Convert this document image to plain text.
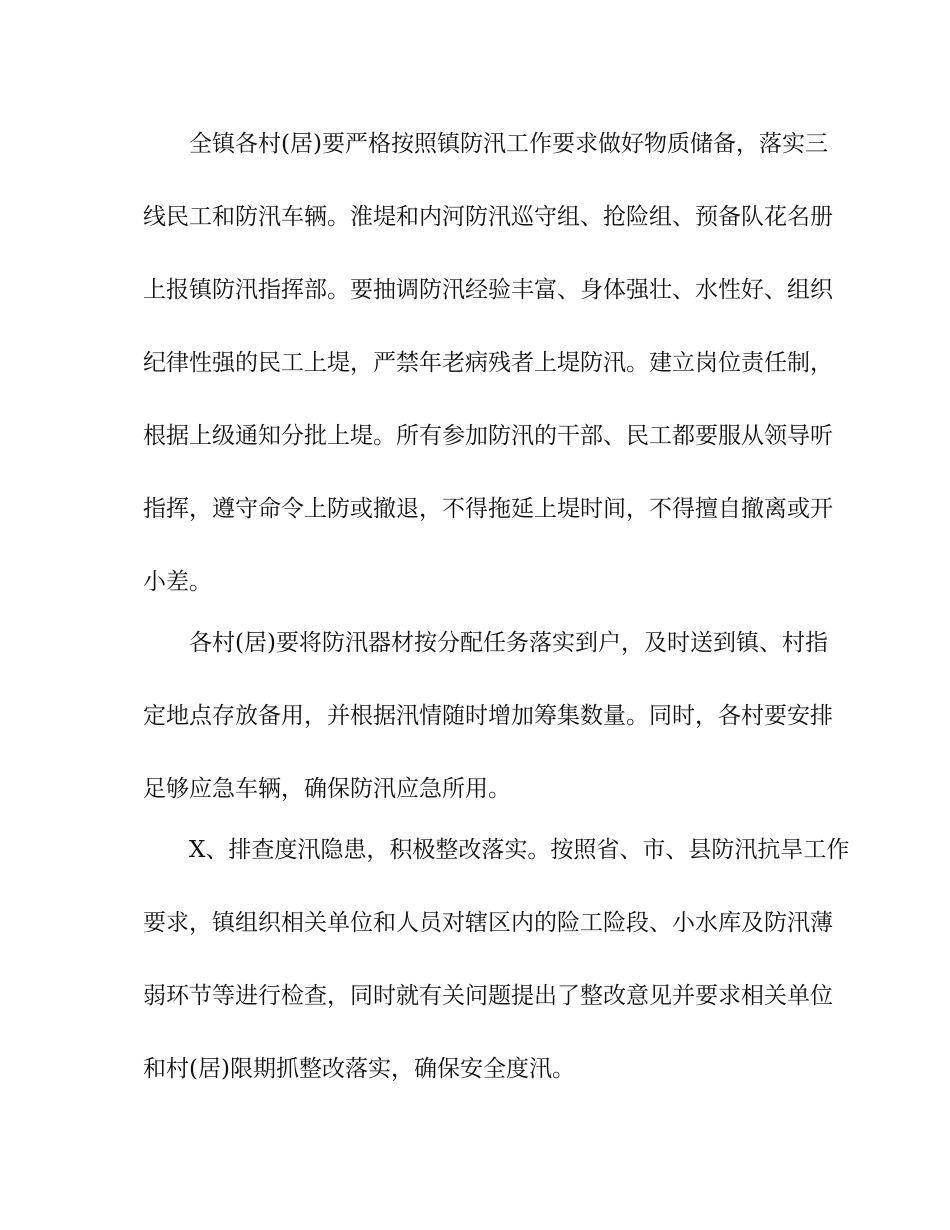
全镇各村(居)要严格按照镇防汛工作要求做好物质储备，落实三
线民工和防汛车辆。淮堤和内河防汛巡守组、抢险组、预备队花名册
上报镇防汛指挥部。要抽调防汛经验丰富、身体强壮、水性好、组织
纪律性强的民工上堤，严禁年老病残者上堤防汛。建立岗位责任制，
根据上级通知分批上堤。所有参加防汛的干部、民工都要服从领导听
指挥，遵守命令上防或撤退，不得拖延上堤时间，不得擅自撤离或开
小差。
各村(居)要将防汛器材按分配任务落实到户，及时送到镇、村指
定地点存放备用，并根据汛情随时增加筹集数量。同时，各村要安排
足够应急车辆，确保防汛应急所用。
X、排查度汛隐患，积极整改落实。按照省、市、县防汛抗旱工作
要求，镇组织相关单位和人员对辖区内的险工险段、小水库及防汛薄
弱环节等进行检查，同时就有关问题提出了整改意见并要求相关单位
和村(居)限期抓整改落实，确保安全度汛。
